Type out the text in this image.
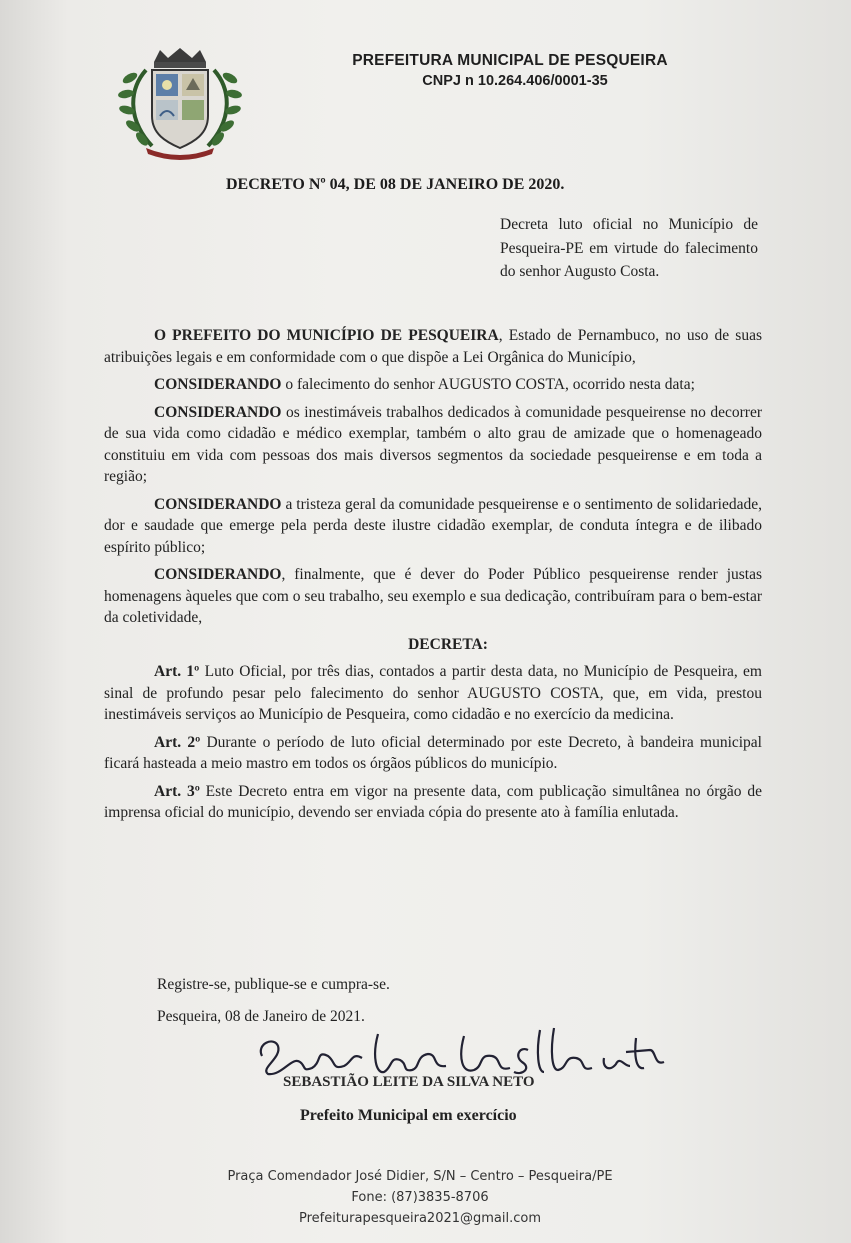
PREFEITURA MUNICIPAL DE PESQUEIRA
CNPJ n 10.264.406/0001-35
DECRETO Nº 04, DE 08 DE JANEIRO DE 2020.
Decreta luto oficial no Município de Pesqueira-PE em virtude do falecimento do senhor Augusto Costa.

O PREFEITO DO MUNICÍPIO DE PESQUEIRA, Estado de Pernambuco, no uso de suas atribuições legais e em conformidade com o que dispõe a Lei Orgânica do Município,

CONSIDERANDO o falecimento do senhor AUGUSTO COSTA, ocorrido nesta data;

CONSIDERANDO os inestimáveis trabalhos dedicados à comunidade pesqueirense no decorrer de sua vida como cidadão e médico exemplar, também o alto grau de amizade que o homenageado constituiu em vida com pessoas dos mais diversos segmentos da sociedade pesqueirense e em toda a região;

CONSIDERANDO a tristeza geral da comunidade pesqueirense e o sentimento de solidariedade, dor e saudade que emerge pela perda deste ilustre cidadão exemplar, de conduta íntegra e de ilibado espírito público;

CONSIDERANDO, finalmente, que é dever do Poder Público pesqueirense render justas homenagens àqueles que com o seu trabalho, seu exemplo e sua dedicação, contribuíram para o bem-estar da coletividade,

DECRETA:

Art. 1º Luto Oficial, por três dias, contados a partir desta data, no Município de Pesqueira, em sinal de profundo pesar pelo falecimento do senhor AUGUSTO COSTA, que, em vida, prestou inestimáveis serviços ao Município de Pesqueira, como cidadão e no exercício da medicina.

Art. 2º Durante o período de luto oficial determinado por este Decreto, à bandeira municipal ficará hasteada a meio mastro em todos os órgãos públicos do município.

Art. 3º Este Decreto entra em vigor na presente data, com publicação simultânea no órgão de imprensa oficial do município, devendo ser enviada cópia do presente ato à família enlutada.

Registre-se, publique-se e cumpra-se.
Pesqueira, 08 de Janeiro de 2021.
SEBASTIÃO LEITE DA SILVA NETO
Prefeito Municipal em exercício
Praça Comendador José Didier, S/N – Centro – Pesqueira/PE
Fone: (87)3835-8706
Prefeiturapesqueira2021@gmail.com
